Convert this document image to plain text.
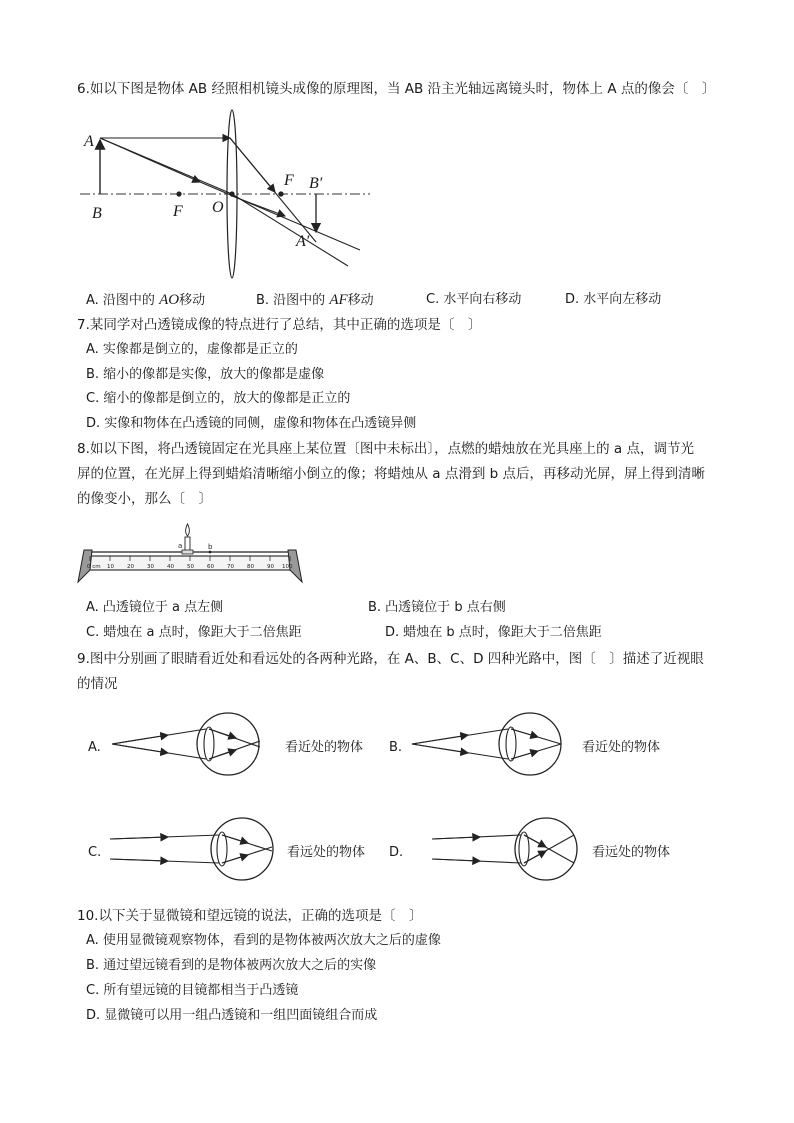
6.如以下图是物体 AB 经照相机镜头成像的原理图，当 AB 沿主光轴远离镜头时，物体上 A 点的像会〔　〕
A
B	F O
F B′
A′
A. 沿图中的 AO移动	B. 沿图中的 AF移动	C. 水平向右移动	D. 水平向左移动
7.某同学对凸透镜成像的特点进行了总结，其中正确的选项是〔　〕
A. 实像都是倒立的，虚像都是正立的
B. 缩小的像都是实像，放大的像都是虚像
C. 缩小的像都是倒立的，放大的像都是正立的
D. 实像和物体在凸透镜的同侧，虚像和物体在凸透镜异侧
8.如以下图，将凸透镜固定在光具座上某位置〔图中未标出〕，点燃的蜡烛放在光具座上的 a 点，调节光
屏的位置，在光屏上得到蜡焰清晰缩小倒立的像；将蜡烛从 a 点滑到 b 点后，再移动光屏，屏上得到清晰
的像变小，那么〔　〕
0 cm 10 20 30 40 50 60 70 80 90 100
a	b
A. 凸透镜位于 a 点左侧	B. 凸透镜位于 b 点右侧
C. 蜡烛在 a 点时，像距大于二倍焦距	D. 蜡烛在 b 点时，像距大于二倍焦距
9.图中分别画了眼睛看近处和看远处的各两种光路，在 A、B、C、D 四种光路中，图〔　〕描述了近视眼
的情况
A.	看近处的物体 B.	看近处的物体
C.	看远处的物体 D.	看远处的物体
10.以下关于显微镜和望远镜的说法，正确的选项是〔　〕
A. 使用显微镜观察物体，看到的是物体被两次放大之后的虚像
B. 通过望远镜看到的是物体被两次放大之后的实像
C. 所有望远镜的目镜都相当于凸透镜
D. 显微镜可以用一组凸透镜和一组凹面镜组合而成
